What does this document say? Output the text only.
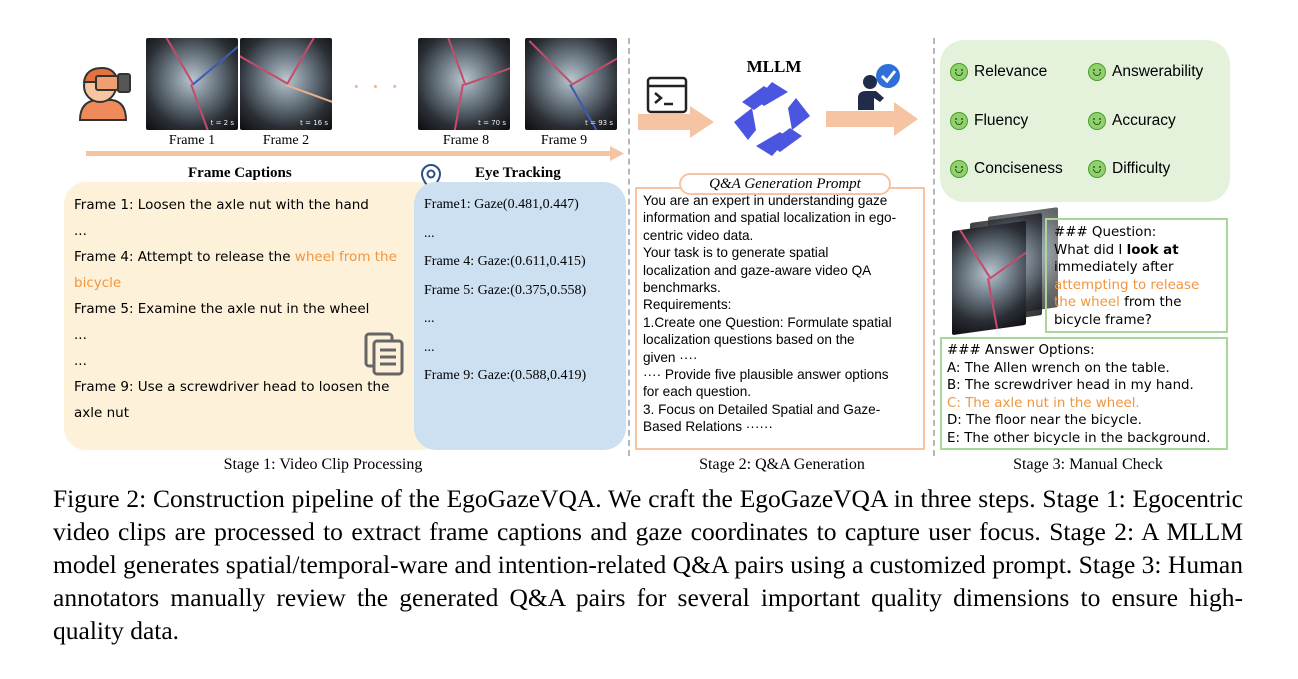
t = 2 s	t = 16 s	t = 70 s	t = 93 s
· · ·
Frame 1	Frame 2	Frame 8	Frame 9
Frame Captions
Frame 1: Loosen the axle nut with the hand
...
Frame 4: Attempt to release the wheel from the
bicycle
Frame 5: Examine the axle nut in the wheel
...
...
Frame 9: Use a screwdriver head to loosen the
axle nut
Eye Tracking
Frame1: Gaze(0.481,0.447)
...
Frame 4: Gaze:(0.611,0.415)
Frame 5: Gaze:(0.375,0.558)
...
...
Frame 9: Gaze:(0.588,0.419)
Stage 1: Video Clip Processing
MLLM
Q&A Generation Prompt
You are an expert in understanding gaze
information and spatial localization in ego-
centric video data.
Your task is to generate spatial
localization and gaze-aware video QA
benchmarks.
Requirements:
1.Create one Question: Formulate spatial
localization questions based on the
given ····
···· Provide five plausible answer options
for each question.
3. Focus on Detailed Spatial and Gaze-
Based Relations ······
Stage 2: Q&A Generation
Relevance	Answerability
Fluency	Accuracy
Conciseness	Difficulty
### Question:
What did I look at
immediately after
attempting to release the wheel from the bicycle frame?
### Answer Options:
A: The Allen wrench on the table.
B: The screwdriver head in my hand.
C: The axle nut in the wheel.
D: The floor near the bicycle.
E: The other bicycle in the background.
Stage 3: Manual Check
Figure 2: Construction pipeline of the EgoGazeVQA. We craft the EgoGazeVQA in three steps. Stage 1: Egocentric video clips are processed to extract frame captions and gaze coordinates to capture user focus. Stage 2: A MLLM model generates spatial/temporal-ware and intention-related Q&A pairs using a customized prompt. Stage 3: Human annotators manually review the generated Q&A pairs for several important quality dimensions to ensure high-quality data.
